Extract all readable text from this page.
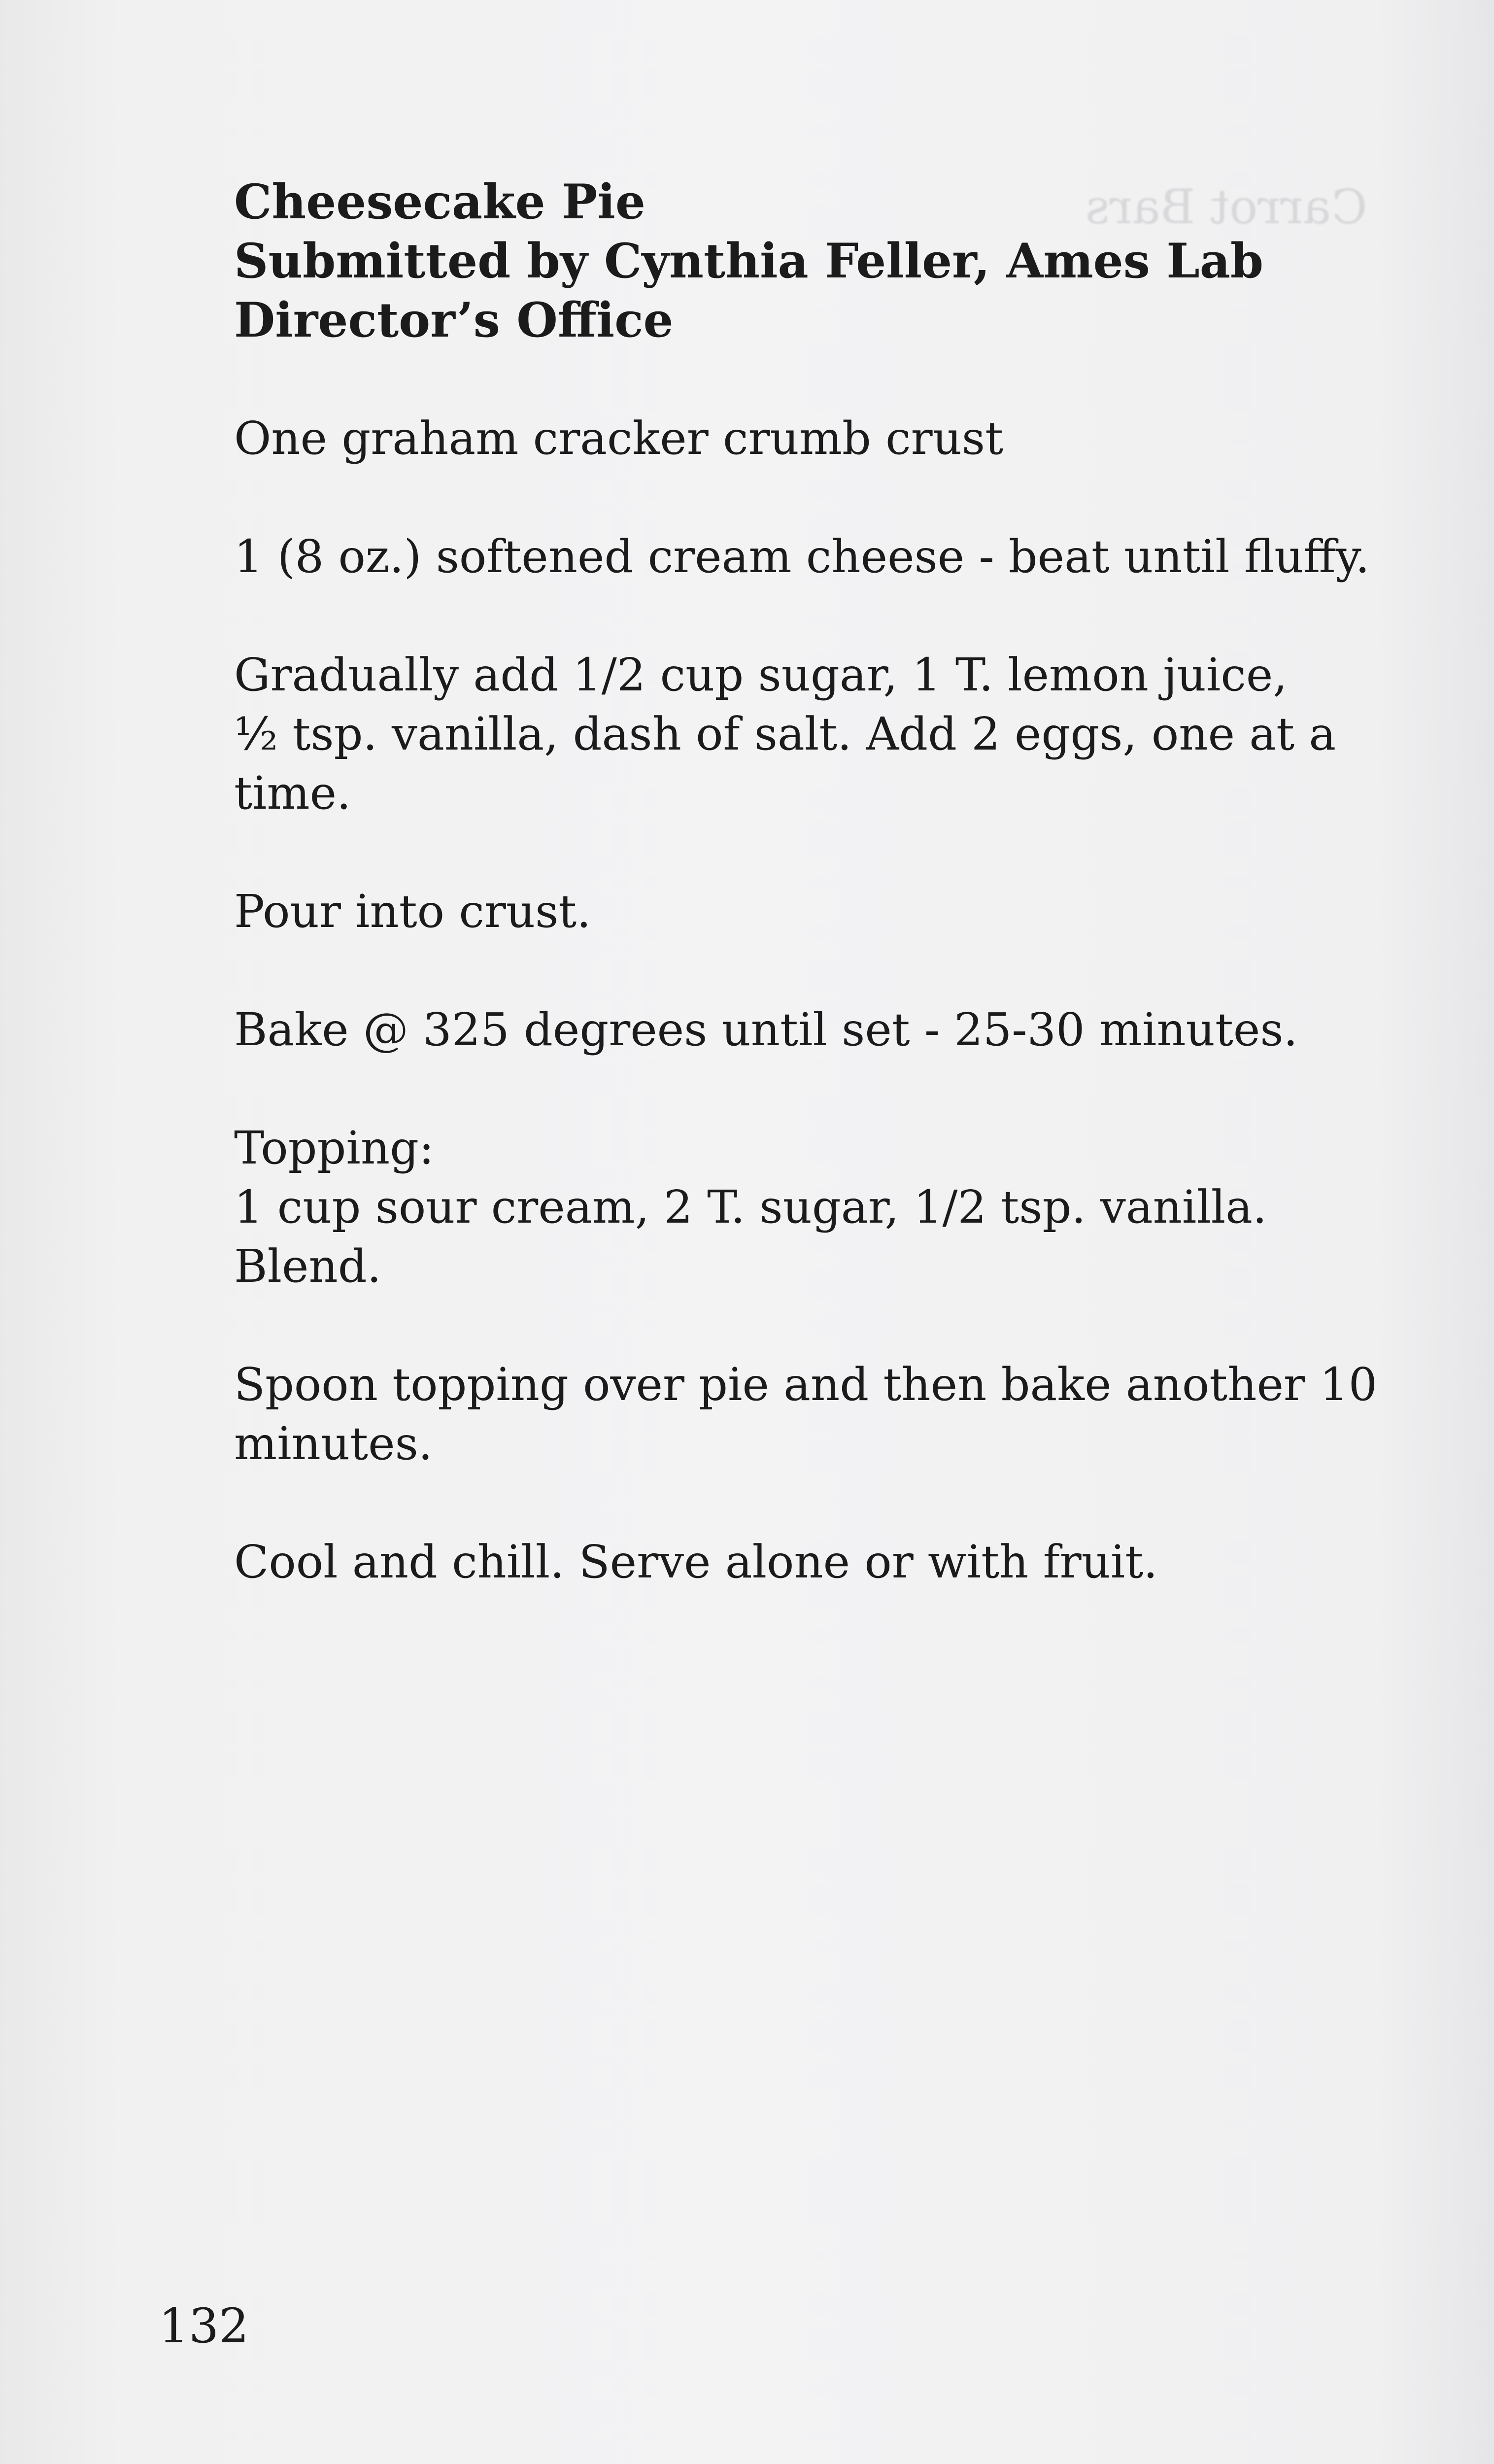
Carrot Bars

Cheesecake Pie
Submitted by Cynthia Feller, Ames Lab
Director’s Office
One graham cracker crumb crust
1 (8 oz.) softened cream cheese - beat until fluffy.
Gradually add 1/2 cup sugar, 1 T. lemon juice,
½ tsp. vanilla, dash of salt. Add 2 eggs, one at a
time.
Pour into crust.
Bake @ 325 degrees until set - 25-30 minutes.
Topping:
1 cup sour cream, 2 T. sugar, 1/2 tsp. vanilla.
Blend.
Spoon topping over pie and then bake another 10
minutes.
Cool and chill. Serve alone or with fruit.
132
